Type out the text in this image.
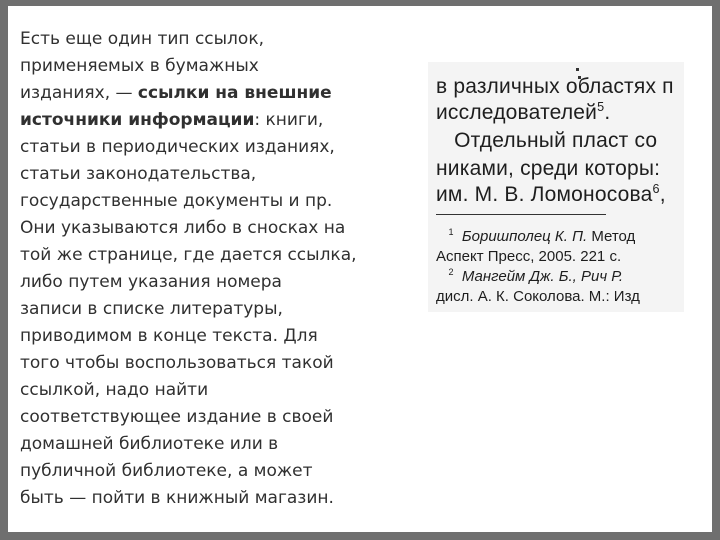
Есть еще один тип ссылок,
применяемых в бумажных
изданиях, — ссылки на внешние
источники информации: книги,
статьи в периодических изданиях,
статьи законодательства,
государственные документы и пр.
Они указываются либо в сносках на
той же странице, где дается ссылка,
либо путем указания номера
записи в списке литературы,
приводимом в конце текста. Для
того чтобы воспользоваться такой
ссылкой, надо найти
соответствующее издание в своей
домашней библиотеке или в
публичной библиотеке, а может
быть — пойти в книжный магазин.

в различных областях п
исследователей$^5$.
Отдельный пласт со
никами, среди которы:
им. М. В. Ломоносова$^6$,
$^1$ Боришполец К. П. Метод
Аспект Пресс, 2005. 221 с.
$^2$ Мангейм Дж. Б., Рич Р.
дисл. А. К. Соколова. М.: Изд
